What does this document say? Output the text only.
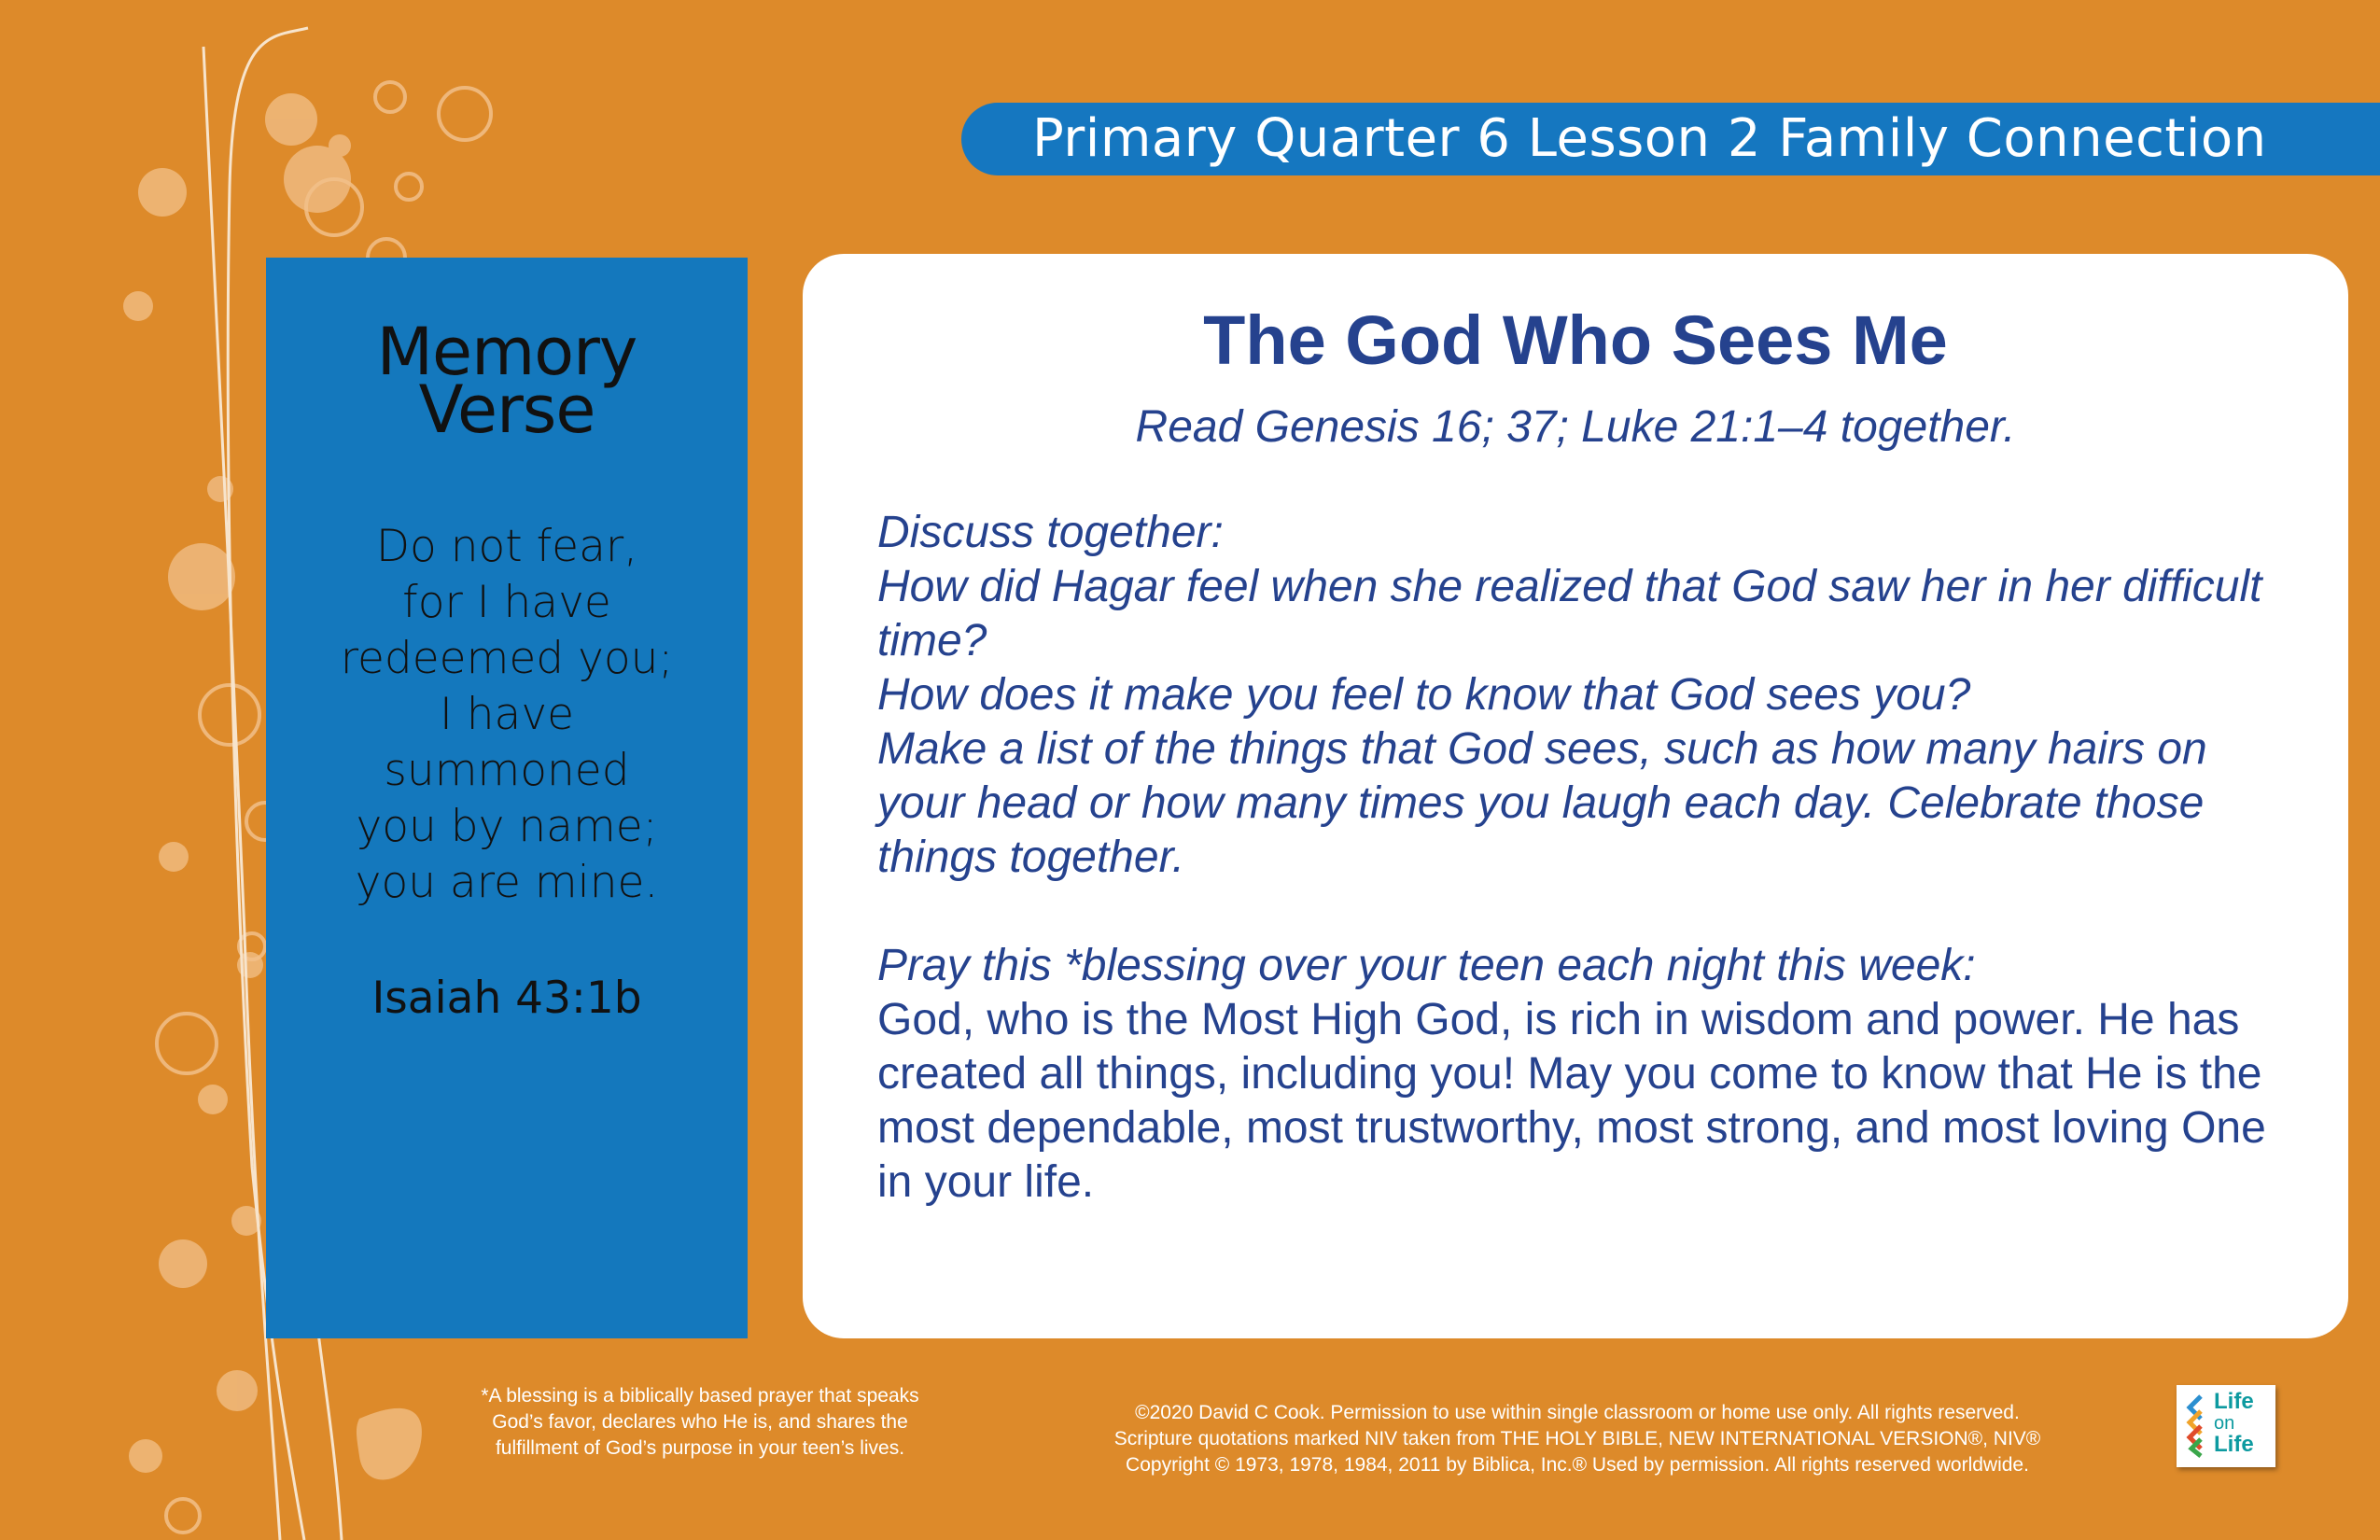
Primary Quarter 6 Lesson 2 Family Connection
Memory
Verse
Do not fear,
for I have
redeemed you;
I have
summoned
you by name;
you are mine.
Isaiah 43:1b
The God Who Sees Me
Read Genesis 16; 37; Luke 21:1–4 together.
Discuss together:
How did Hagar feel when she realized that God saw her in her difficult time?
How does it make you feel to know that God sees you?
Make a list of the things that God sees, such as how many hairs on your head or how many times you laugh each day. Celebrate those things together.
Pray this *blessing over your teen each night this week:
God, who is the Most High God, is rich in wisdom and power. He has created all things, including you! May you come to know that He is the most dependable, most trustworthy, most strong, and most loving One in your life.
*A blessing is a biblically based prayer that speaks
God’s favor, declares who He is, and shares the
fulfillment of God’s purpose in your teen’s lives.
©2020 David C Cook. Permission to use within single classroom or home use only. All rights reserved.
Scripture quotations marked NIV taken from THE HOLY BIBLE, NEW INTERNATIONAL VERSION®, NIV®
Copyright © 1973, 1978, 1984, 2011 by Biblica, Inc.® Used by permission. All rights reserved worldwide.
Life
on
Life
